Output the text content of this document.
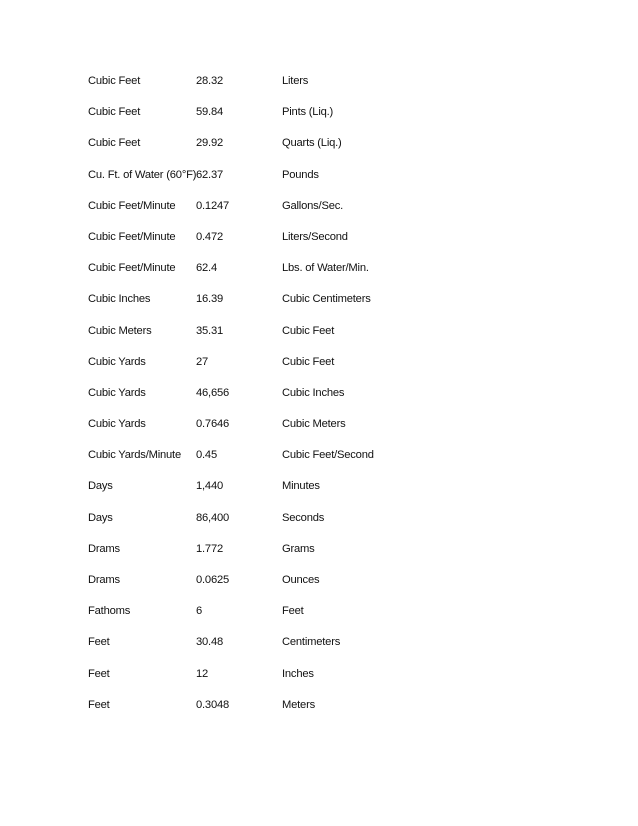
Cubic Feet	28.32	Liters
Cubic Feet	59.84	Pints (Liq.)
Cubic Feet	29.92	Quarts (Liq.)
Cu. Ft. of Water (60°F) 62.37	Pounds
Cubic Feet/Minute 0.1247	Gallons/Sec.
Cubic Feet/Minute 0.472	Liters/Second
Cubic Feet/Minute 62.4	Lbs. of Water/Min.
Cubic Inches	16.39	Cubic Centimeters
Cubic Meters	35.31	Cubic Feet
Cubic Yards	27	Cubic Feet
Cubic Yards	46,656	Cubic Inches
Cubic Yards	0.7646	Cubic Meters
Cubic Yards/Minute 0.45	Cubic Feet/Second
Days	1,440	Minutes
Days	86,400	Seconds
Drams	1.772	Grams
Drams	0.0625	Ounces
Fathoms	6	Feet
Feet	30.48	Centimeters
Feet	12	Inches
Feet	0.3048	Meters
